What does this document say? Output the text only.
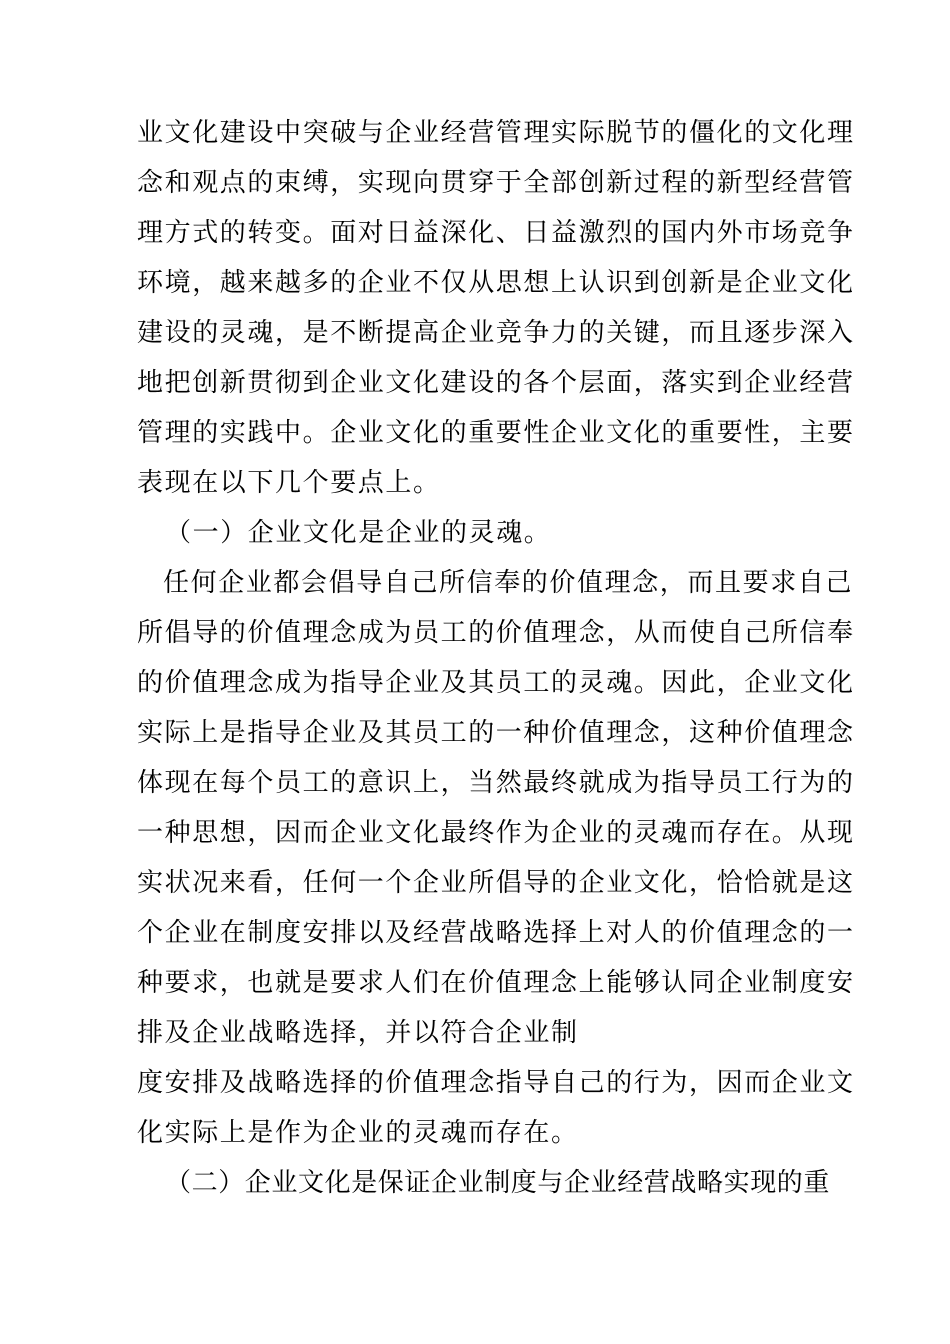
业文化建设中突破与企业经营管理实际脱节的僵化的文化理
念和观点的束缚，实现向贯穿于全部创新过程的新型经营管
理方式的转变。面对日益深化、日益激烈的国内外市场竞争
环境，越来越多的企业不仅从思想上认识到创新是企业文化
建设的灵魂，是不断提高企业竞争力的关键，而且逐步深入
地把创新贯彻到企业文化建设的各个层面，落实到企业经营
管理的实践中。企业文化的重要性企业文化的重要性，主要
表现在以下几个要点上。
（一）企业文化是企业的灵魂。
任何企业都会倡导自己所信奉的价值理念，而且要求自己
所倡导的价值理念成为员工的价值理念，从而使自己所信奉
的价值理念成为指导企业及其员工的灵魂。因此，企业文化
实际上是指导企业及其员工的一种价值理念，这种价值理念
体现在每个员工的意识上，当然最终就成为指导员工行为的
一种思想，因而企业文化最终作为企业的灵魂而存在。从现
实状况来看，任何一个企业所倡导的企业文化，恰恰就是这
个企业在制度安排以及经营战略选择上对人的价值理念的一
种要求，也就是要求人们在价值理念上能够认同企业制度安
排及企业战略选择，并以符合企业制
度安排及战略选择的价值理念指导自己的行为，因而企业文
化实际上是作为企业的灵魂而存在。
（二）企业文化是保证企业制度与企业经营战略实现的重
